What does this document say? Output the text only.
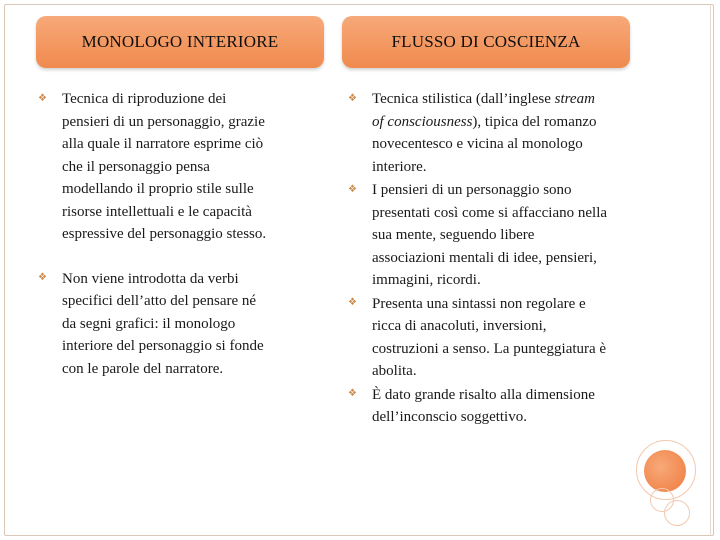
MONOLOGO INTERIORE	FLUSSO DI COSCIENZA
❖	Tecnica di riproduzione dei
pensieri di un personaggio, grazie
alla quale il narratore esprime ciò
che il personaggio pensa
modellando il proprio stile sulle
risorse intellettuali e le capacità
espressive del personaggio stesso.
❖	Non viene introdotta da verbi
specifici dell’atto del pensare né
da segni grafici: il monologo
interiore del personaggio si fonde
con le parole del narratore.
❖	Tecnica stilistica (dall’inglese stream
of consciousness), tipica del romanzo
novecentesco e vicina al monologo
interiore.
❖	I pensieri di un personaggio sono
presentati così come si affacciano nella
sua mente, seguendo libere
associazioni mentali di idee, pensieri,
immagini, ricordi.
❖	Presenta una sintassi non regolare e
ricca di anacoluti, inversioni,
costruzioni a senso. La punteggiatura è
abolita.
❖	È dato grande risalto alla dimensione
dell’inconscio soggettivo.
